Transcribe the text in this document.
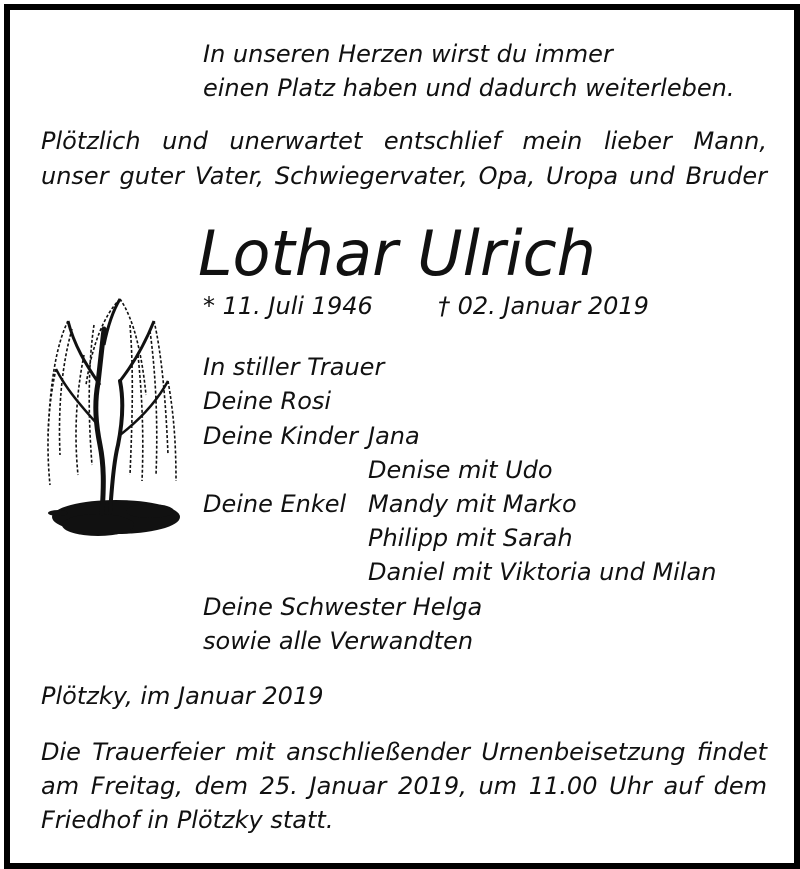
In unseren Herzen wirst du immer

einen Platz haben und dadurch weiterleben.

Plötzlich und unerwartet entschlief mein lieber Mann,

unser guter Vater, Schwiegervater, Opa, Uropa und Bruder

Lothar Ulrich

* 11. Juli 1946	† 02. Januar 2019

In stiller Trauer

Deine Rosi

Deine Kinder Jana

Denise mit Udo

Deine Enkel Mandy mit Marko

Philipp mit Sarah

Daniel mit Viktoria und Milan

Deine Schwester Helga

sowie alle Verwandten

Plötzky, im Januar 2019

Die Trauerfeier mit anschließender Urnenbeisetzung findet

am Freitag, dem 25. Januar 2019, um 11.00 Uhr auf dem

Friedhof in Plötzky statt.
